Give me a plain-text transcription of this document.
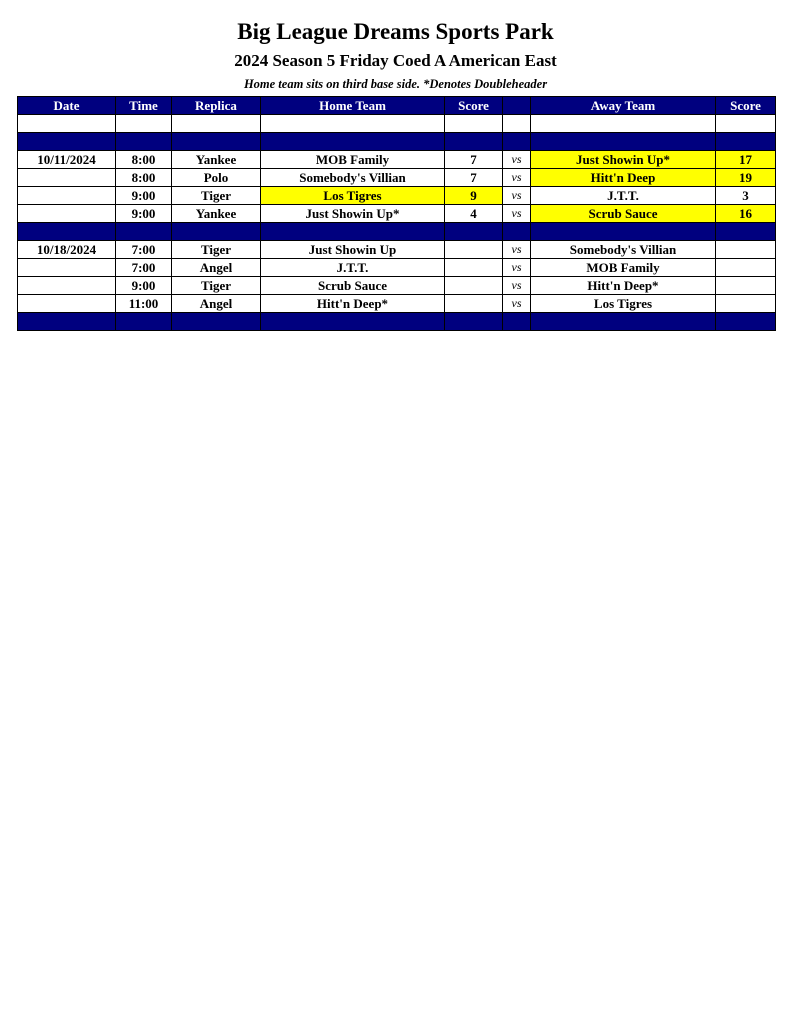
Big League Dreams Sports Park
2024 Season 5 Friday Coed A American East
Home team sits on third base side. *Denotes Doubleheader
Date	Time	Replica	Home Team	Score		Away Team	Score

10/11/2024	8:00	Yankee	MOB Family	7	vs	Just Showin Up*	17
	8:00	Polo	Somebody's Villian	7	vs	Hitt'n Deep	19
	9:00	Tiger	Los Tigres	9	vs	J.T.T.	3
	9:00	Yankee	Just Showin Up*	4	vs	Scrub Sauce	16

10/18/2024	7:00	Tiger	Just Showin Up		vs	Somebody's Villian	
	7:00	Angel	J.T.T.		vs	MOB Family	
	9:00	Tiger	Scrub Sauce		vs	Hitt'n Deep*	
	11:00	Angel	Hitt'n Deep*		vs	Los Tigres	
